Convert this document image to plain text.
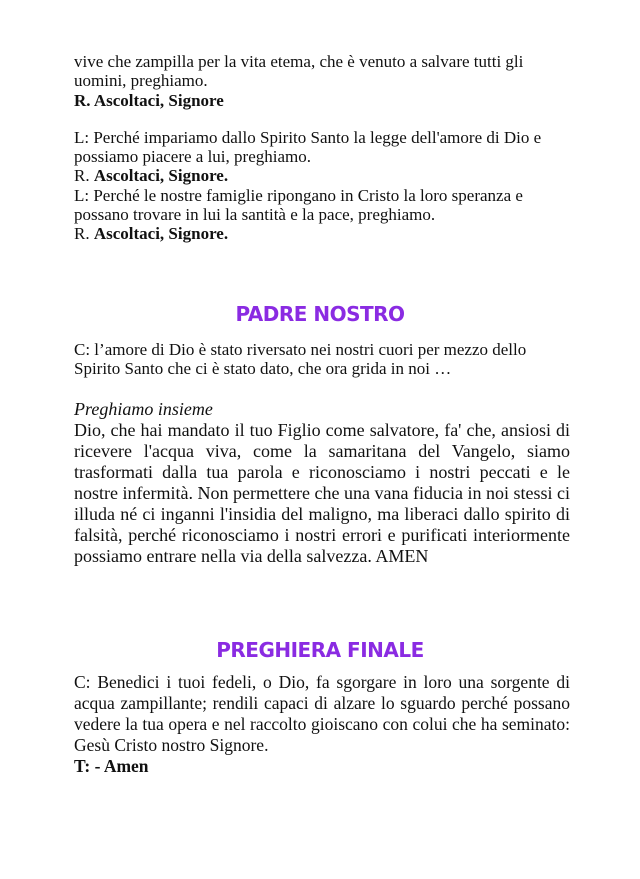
vive che zampilla per la vita etema, che è venuto a salvare tutti gli uomini, preghiamo.

R. Ascoltaci, Signore

L: Perché impariamo dallo Spirito Santo la legge dell'amore di Dio e possiamo piacere a lui, preghiamo.

R. Ascoltaci, Signore.

L: Perché le nostre famiglie ripongano in Cristo la loro speranza e possano trovare in lui la santità e la pace, preghiamo.

R. Ascoltaci, Signore.

PADRE NOSTRO

C: l’amore di Dio è stato riversato nei nostri cuori per mezzo dello Spirito Santo che ci è stato dato, che ora grida in noi …

Preghiamo insieme

Dio, che hai mandato il tuo Figlio come salvatore, fa' che, ansiosi di ricevere l'acqua viva, come la samaritana del Vangelo, siamo trasformati dalla tua parola e riconosciamo i nostri peccati e le nostre infermità. Non permettere che una vana fiducia in noi stessi ci illuda né ci inganni l'insidia del maligno, ma liberaci dallo spirito di falsità, perché riconosciamo i nostri errori e purificati interiormente possiamo entrare nella via della salvezza. AMEN

PREGHIERA FINALE

C: Benedici i tuoi fedeli, o Dio, fa sgorgare in loro una sorgente di acqua zampillante; rendili capaci di alzare lo sguardo perché possano vedere la tua opera e nel raccolto gioiscano con colui che ha seminato: Gesù Cristo nostro Signore.

T: - Amen
